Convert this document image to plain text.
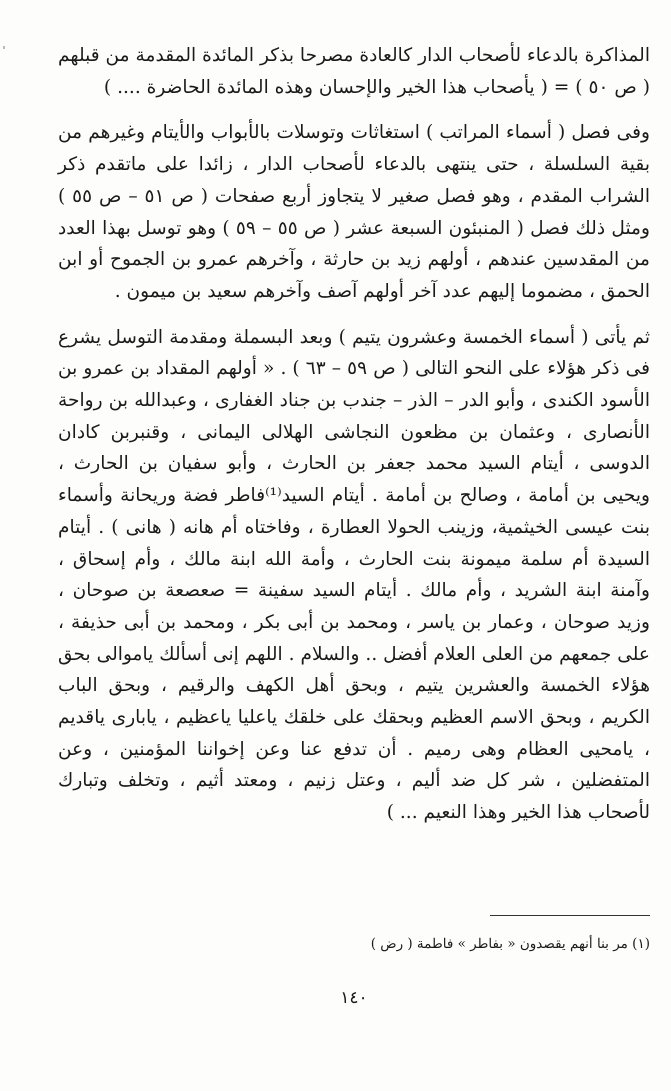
المذاكرة بالدعاء لأصحاب الدار كالعادة مصرحا بذكر المائدة المقدمة من قبلهم ( ص ٥٠ ) = ( يأصحاب هذا الخير والإحسان وهذه المائدة الحاضرة .... )

وفى فصل ( أسماء المراتب ) استغاثات وتوسلات بالأبواب والأيتام وغيرهم من بقية السلسلة ، حتى ينتهى بالدعاء لأصحاب الدار ، زائدا على ماتقدم ذكر الشراب المقدم ، وهو فصل صغير لا يتجاوز أربع صفحات ( ص ٥١ – ص ٥٥ ) ومثل ذلك فصل ( المنبئون السبعة عشر ( ص ٥٥ – ٥٩ ) وهو توسل بهذا العدد من المقدسين عندهم ، أولهم زيد بن حارثة ، وآخرهم عمرو بن الجموح أو ابن الحمق ، مضموما إليهم عدد آخر أولهم آصف وآخرهم سعيد بن ميمون .

ثم يأتى ( أسماء الخمسة وعشرون يتيم ) وبعد البسملة ومقدمة التوسل يشرع فى ذكر هؤلاء على النحو التالى ( ص ٥٩ – ٦٣ ) . « أولهم المقداد بن عمرو بن الأسود الكندى ، وأبو الدر – الذر – جندب بن جناد الغفارى ، وعبدالله بن رواحة الأنصارى ، وعثمان بن مظعون النجاشى الهلالى اليمانى ، وقنبربن كادان الدوسى ، أيتام السيد محمد جعفر بن الحارث ، وأبو سفيان بن الحارث ، ويحيى بن أمامة ، وصالح بن أمامة . أيتام السيد⁽¹⁾فاطر فضة وريحانة وأسماء بنت عيسى الخيثمية، وزينب الحولا العطارة ، وفاختاه أم هانه ( هانى ) . أيتام السيدة أم سلمة ميمونة بنت الحارث ، وأمة الله ابنة مالك ، وأم إسحاق ، وآمنة ابنة الشريد ، وأم مالك . أيتام السيد سفينة = صعصعة بن صوحان ، وزيد صوحان ، وعمار بن ياسر ، ومحمد بن أبى بكر ، ومحمد بن أبى حذيفة ، على جمعهم من العلى العلام أفضل .. والسلام . اللهم إنى أسألك ياموالى بحق هؤلاء الخمسة والعشرين يتيم ، وبحق أهل الكهف والرقيم ، وبحق الباب الكريم ، وبحق الاسم العظيم وبحقك على خلقك ياعليا ياعظيم ، يابارى ياقديم ، يامحيى العظام وهى رميم . أن تدفع عنا وعن إخواننا المؤمنين ، وعن المتفضلين ، شر كل ضد أليم ، وعتل زنيم ، ومعتد أثيم ، وتخلف وتبارك لأصحاب هذا الخير وهذا النعيم ... )

(١) مر بنا أنهم يقصدون « بفاطر » فاطمة ( رض )

١٤٠
